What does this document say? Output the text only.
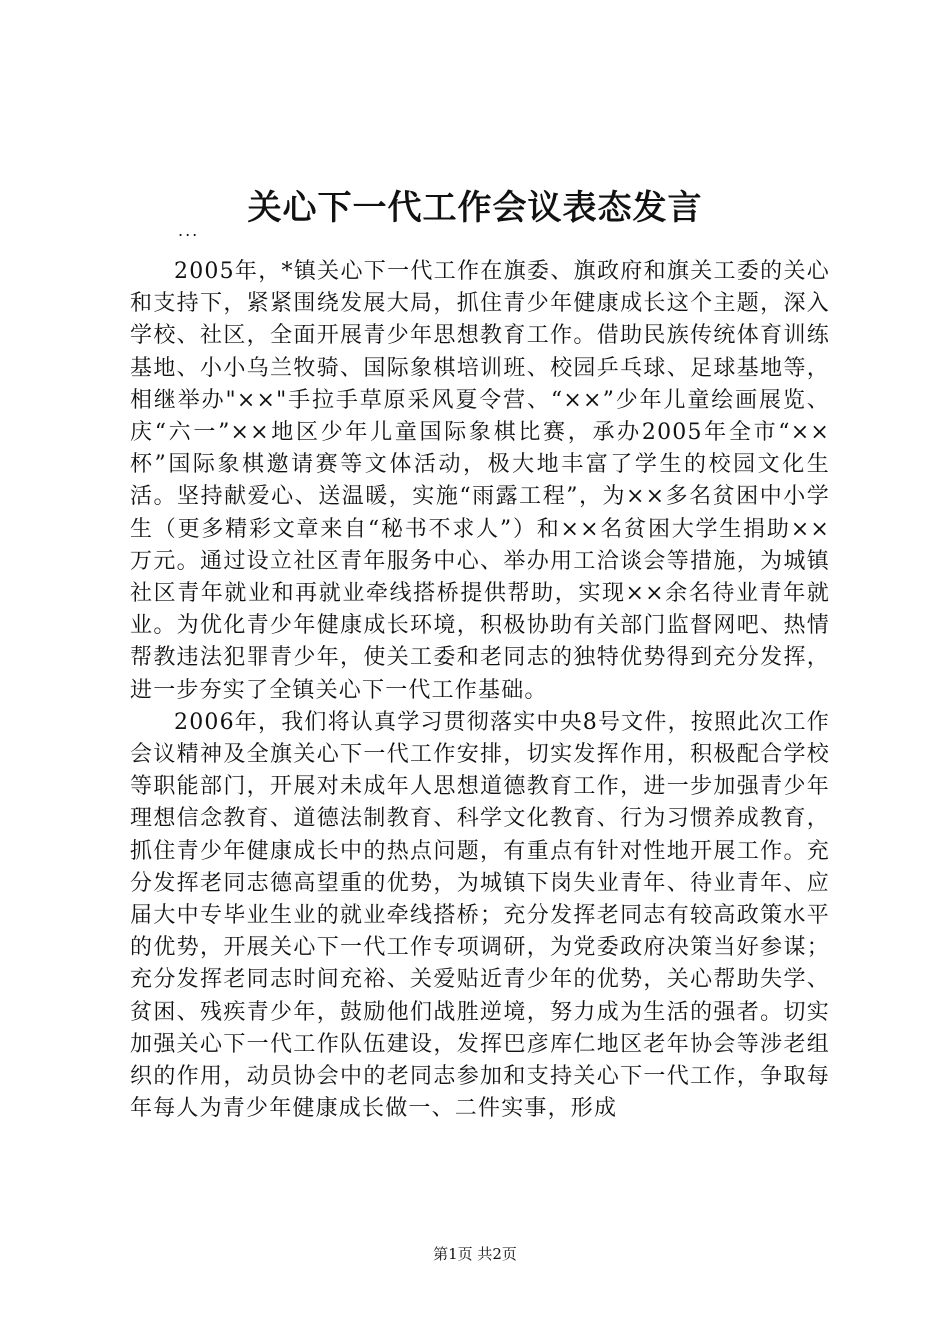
关心下一代工作会议表态发言
...

2005年，*镇关心下一代工作在旗委、旗政府和旗关工委的关心和支持下，紧紧围绕发展大局，抓住青少年健康成长这个主题，深入学校、社区，全面开展青少年思想教育工作。借助民族传统体育训练基地、小小乌兰牧骑、国际象棋培训班、校园乒乓球、足球基地等，相继举办"××"手拉手草原采风夏令营、“××”少年儿童绘画展览、庆“六一”××地区少年儿童国际象棋比赛，承办2005年全市“××杯”国际象棋邀请赛等文体活动，极大地丰富了学生的校园文化生活。坚持献爱心、送温暖，实施“雨露工程”，为××多名贫困中小学生（更多精彩文章来自“秘书不求人”）和××名贫困大学生捐助××万元。通过设立社区青年服务中心、举办用工洽谈会等措施，为城镇社区青年就业和再就业牵线搭桥提供帮助，实现××余名待业青年就业。为优化青少年健康成长环境，积极协助有关部门监督网吧、热情帮教违法犯罪青少年，使关工委和老同志的独特优势得到充分发挥，进一步夯实了全镇关心下一代工作基础。

2006年，我们将认真学习贯彻落实中央8号文件，按照此次工作会议精神及全旗关心下一代工作安排，切实发挥作用，积极配合学校等职能部门，开展对未成年人思想道德教育工作，进一步加强青少年理想信念教育、道德法制教育、科学文化教育、行为习惯养成教育，抓住青少年健康成长中的热点问题，有重点有针对性地开展工作。充分发挥老同志德高望重的优势，为城镇下岗失业青年、待业青年、应届大中专毕业生业的就业牵线搭桥；充分发挥老同志有较高政策水平的优势，开展关心下一代工作专项调研，为党委政府决策当好参谋；充分发挥老同志时间充裕、关爱贴近青少年的优势，关心帮助失学、贫困、残疾青少年，鼓励他们战胜逆境，努力成为生活的强者。切实加强关心下一代工作队伍建设，发挥巴彦库仁地区老年协会等涉老组织的作用，动员协会中的老同志参加和支持关心下一代工作，争取每年每人为青少年健康成长做一、二件实事，形成

第1页 共2页
